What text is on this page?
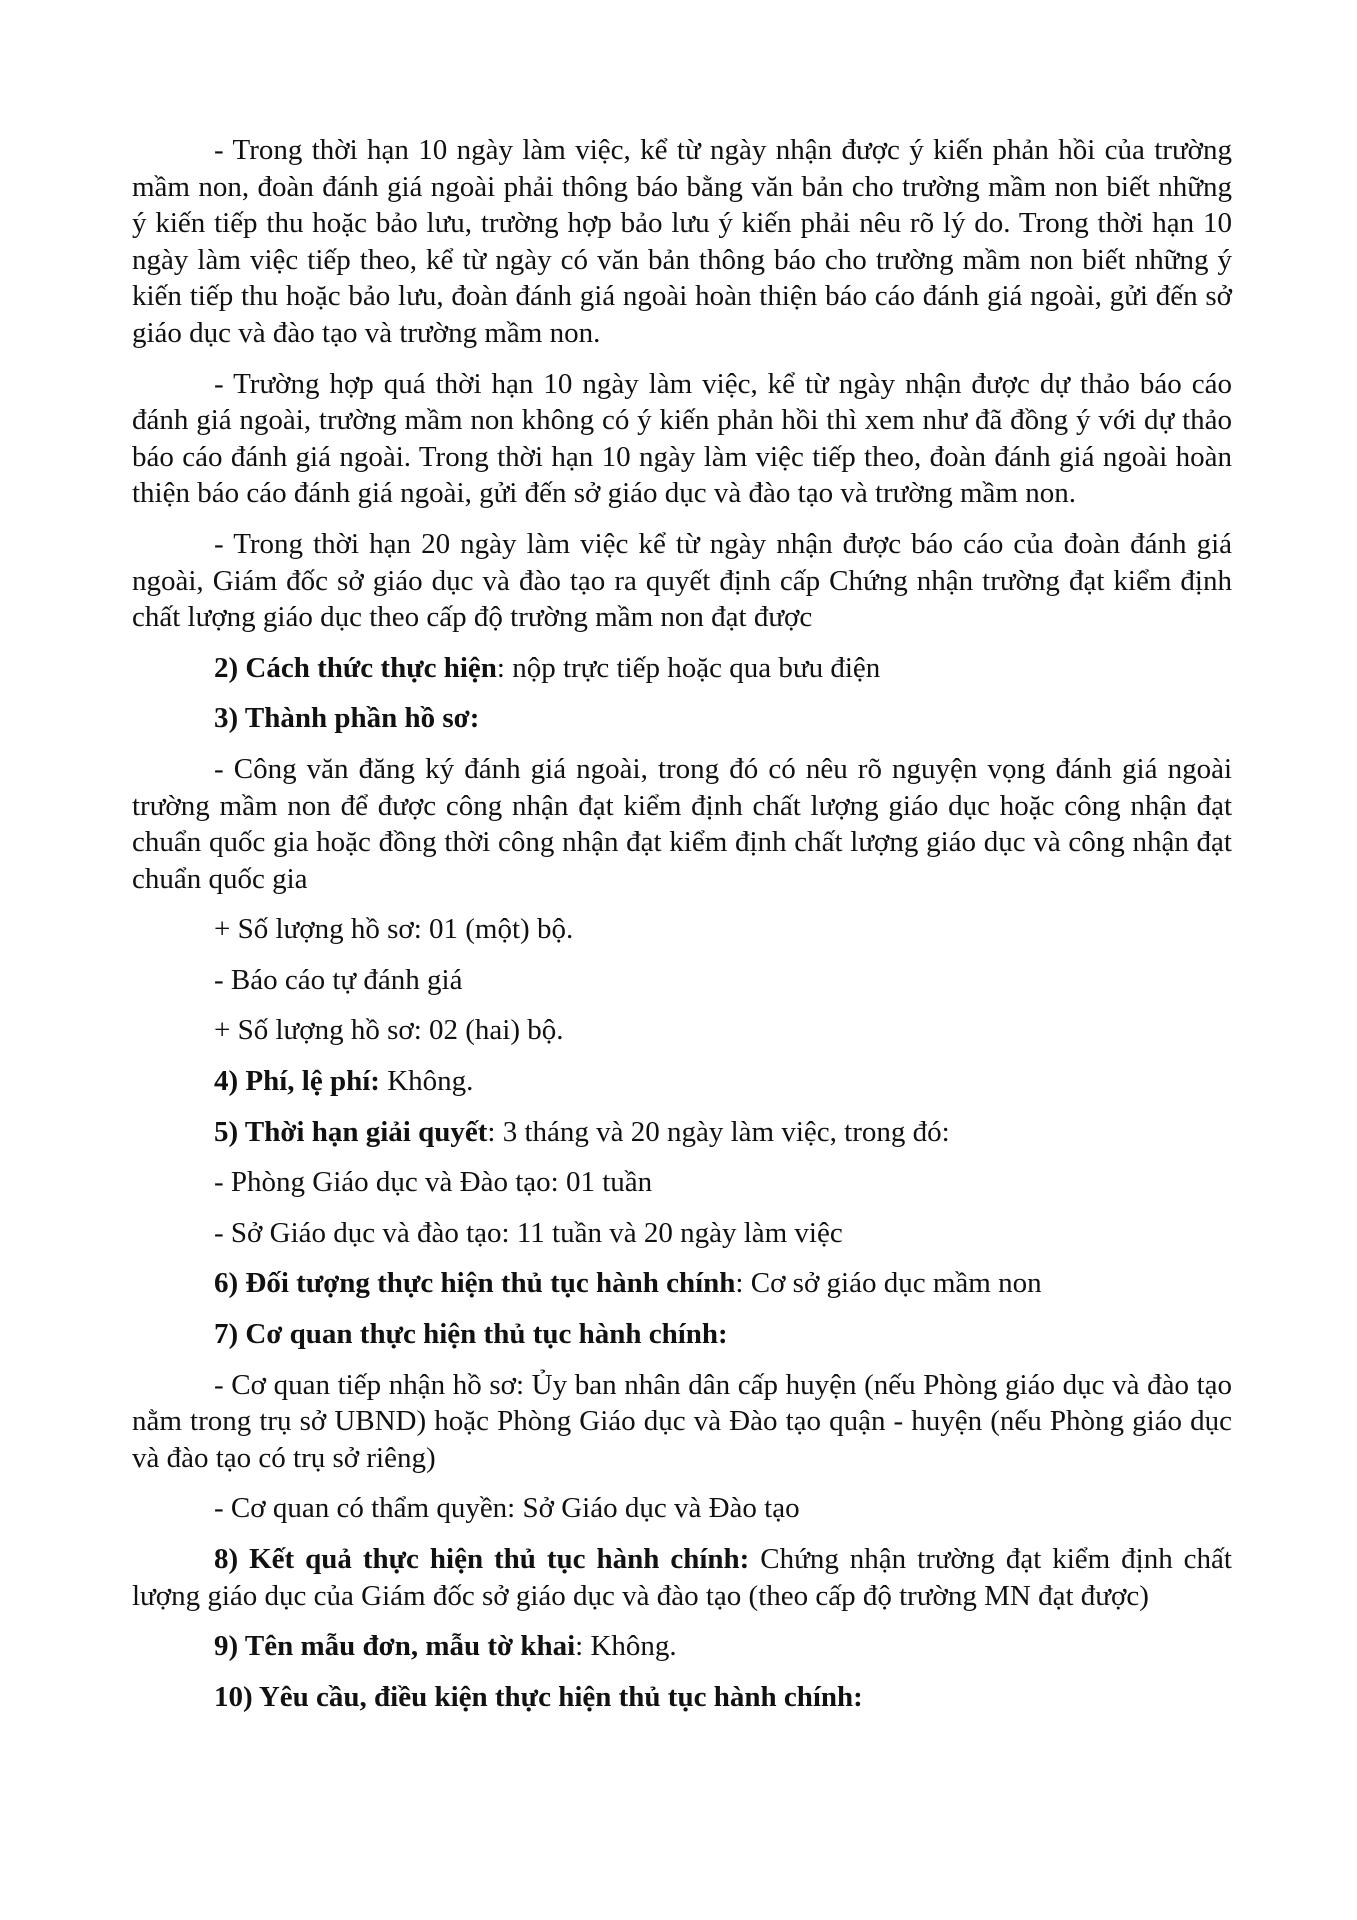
- Trong thời hạn 10 ngày làm việc, kể từ ngày nhận được ý kiến phản hồi của trường mầm non, đoàn đánh giá ngoài phải thông báo bằng văn bản cho trường mầm non biết những ý kiến tiếp thu hoặc bảo lưu, trường hợp bảo lưu ý kiến phải nêu rõ lý do. Trong thời hạn 10 ngày làm việc tiếp theo, kể từ ngày có văn bản thông báo cho trường mầm non biết những ý kiến tiếp thu hoặc bảo lưu, đoàn đánh giá ngoài hoàn thiện báo cáo đánh giá ngoài, gửi đến sở giáo dục và đào tạo và trường mầm non.

- Trường hợp quá thời hạn 10 ngày làm việc, kể từ ngày nhận được dự thảo báo cáo đánh giá ngoài, trường mầm non không có ý kiến phản hồi thì xem như đã đồng ý với dự thảo báo cáo đánh giá ngoài. Trong thời hạn 10 ngày làm việc tiếp theo, đoàn đánh giá ngoài hoàn thiện báo cáo đánh giá ngoài, gửi đến sở giáo dục và đào tạo và trường mầm non.

- Trong thời hạn 20 ngày làm việc kể từ ngày nhận được báo cáo của đoàn đánh giá ngoài, Giám đốc sở giáo dục và đào tạo ra quyết định cấp Chứng nhận trường đạt kiểm định chất lượng giáo dục theo cấp độ trường mầm non đạt được

2) Cách thức thực hiện: nộp trực tiếp hoặc qua bưu điện

3) Thành phần hồ sơ:

- Công văn đăng ký đánh giá ngoài, trong đó có nêu rõ nguyện vọng đánh giá ngoài trường mầm non để được công nhận đạt kiểm định chất lượng giáo dục hoặc công nhận đạt chuẩn quốc gia hoặc đồng thời công nhận đạt kiểm định chất lượng giáo dục và công nhận đạt chuẩn quốc gia

+ Số lượng hồ sơ: 01 (một) bộ.

- Báo cáo tự đánh giá

+ Số lượng hồ sơ: 02 (hai) bộ.

4) Phí, lệ phí: Không.

5) Thời hạn giải quyết: 3 tháng và 20 ngày làm việc, trong đó:

- Phòng Giáo dục và Đào tạo: 01 tuần

- Sở Giáo dục và đào tạo: 11 tuần và 20 ngày làm việc

6) Đối tượng thực hiện thủ tục hành chính: Cơ sở giáo dục mầm non

7) Cơ quan thực hiện thủ tục hành chính:

- Cơ quan tiếp nhận hồ sơ: Ủy ban nhân dân cấp huyện (nếu Phòng giáo dục và đào tạo nằm trong trụ sở UBND) hoặc Phòng Giáo dục và Đào tạo quận - huyện (nếu Phòng giáo dục và đào tạo có trụ sở riêng)

- Cơ quan có thẩm quyền: Sở Giáo dục và Đào tạo

8) Kết quả thực hiện thủ tục hành chính: Chứng nhận trường đạt kiểm định chất lượng giáo dục của Giám đốc sở giáo dục và đào tạo (theo cấp độ trường MN đạt được)

9) Tên mẫu đơn, mẫu tờ khai: Không.

10) Yêu cầu, điều kiện thực hiện thủ tục hành chính:
